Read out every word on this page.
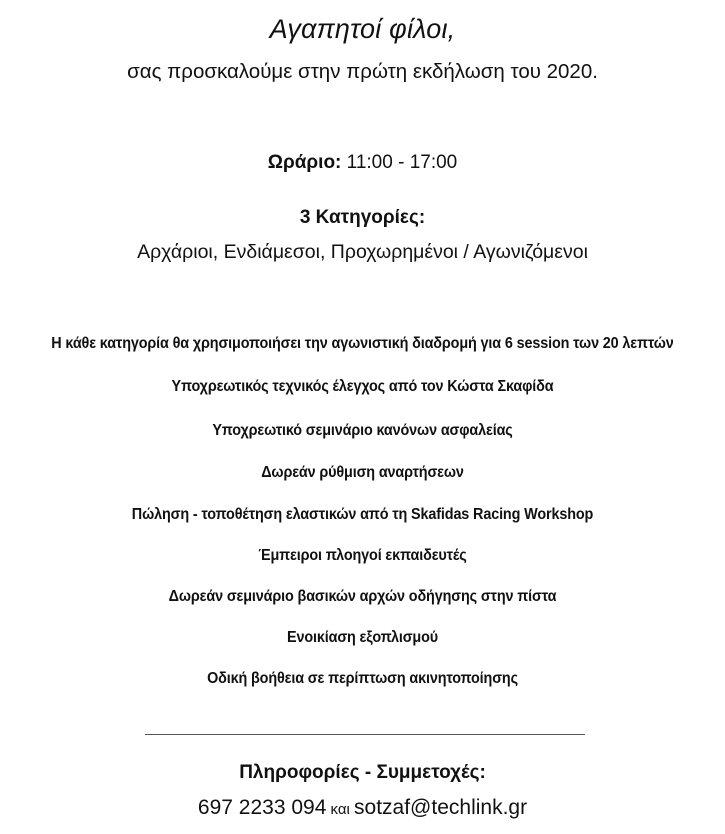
Αγαπητοί φίλοι,
σας προσκαλούμε στην πρώτη εκδήλωση του 2020.
Ωράριο: 11:00 - 17:00
3 Κατηγορίες:
Αρχάριοι, Ενδιάμεσοι, Προχωρημένοι / Αγωνιζόμενοι
Η κάθε κατηγορία θα χρησιμοποιήσει την αγωνιστική διαδρομή για 6 session των 20 λεπτών
Υποχρεωτικός τεχνικός έλεγχος από τον Κώστα Σκαφίδα
Υποχρεωτικό σεμινάριο κανόνων ασφαλείας
Δωρεάν ρύθμιση αναρτήσεων
Πώληση - τοποθέτηση ελαστικών από τη Skafidas Racing Workshop
Έμπειροι πλοηγοί εκπαιδευτές
Δωρεάν σεμινάριο βασικών αρχών οδήγησης στην πίστα
Ενοικίαση εξοπλισμού
Οδική βοήθεια σε περίπτωση ακινητοποίησης
Πληροφορίες - Συμμετοχές:
697 2233 094 και sotzaf@techlink.gr
